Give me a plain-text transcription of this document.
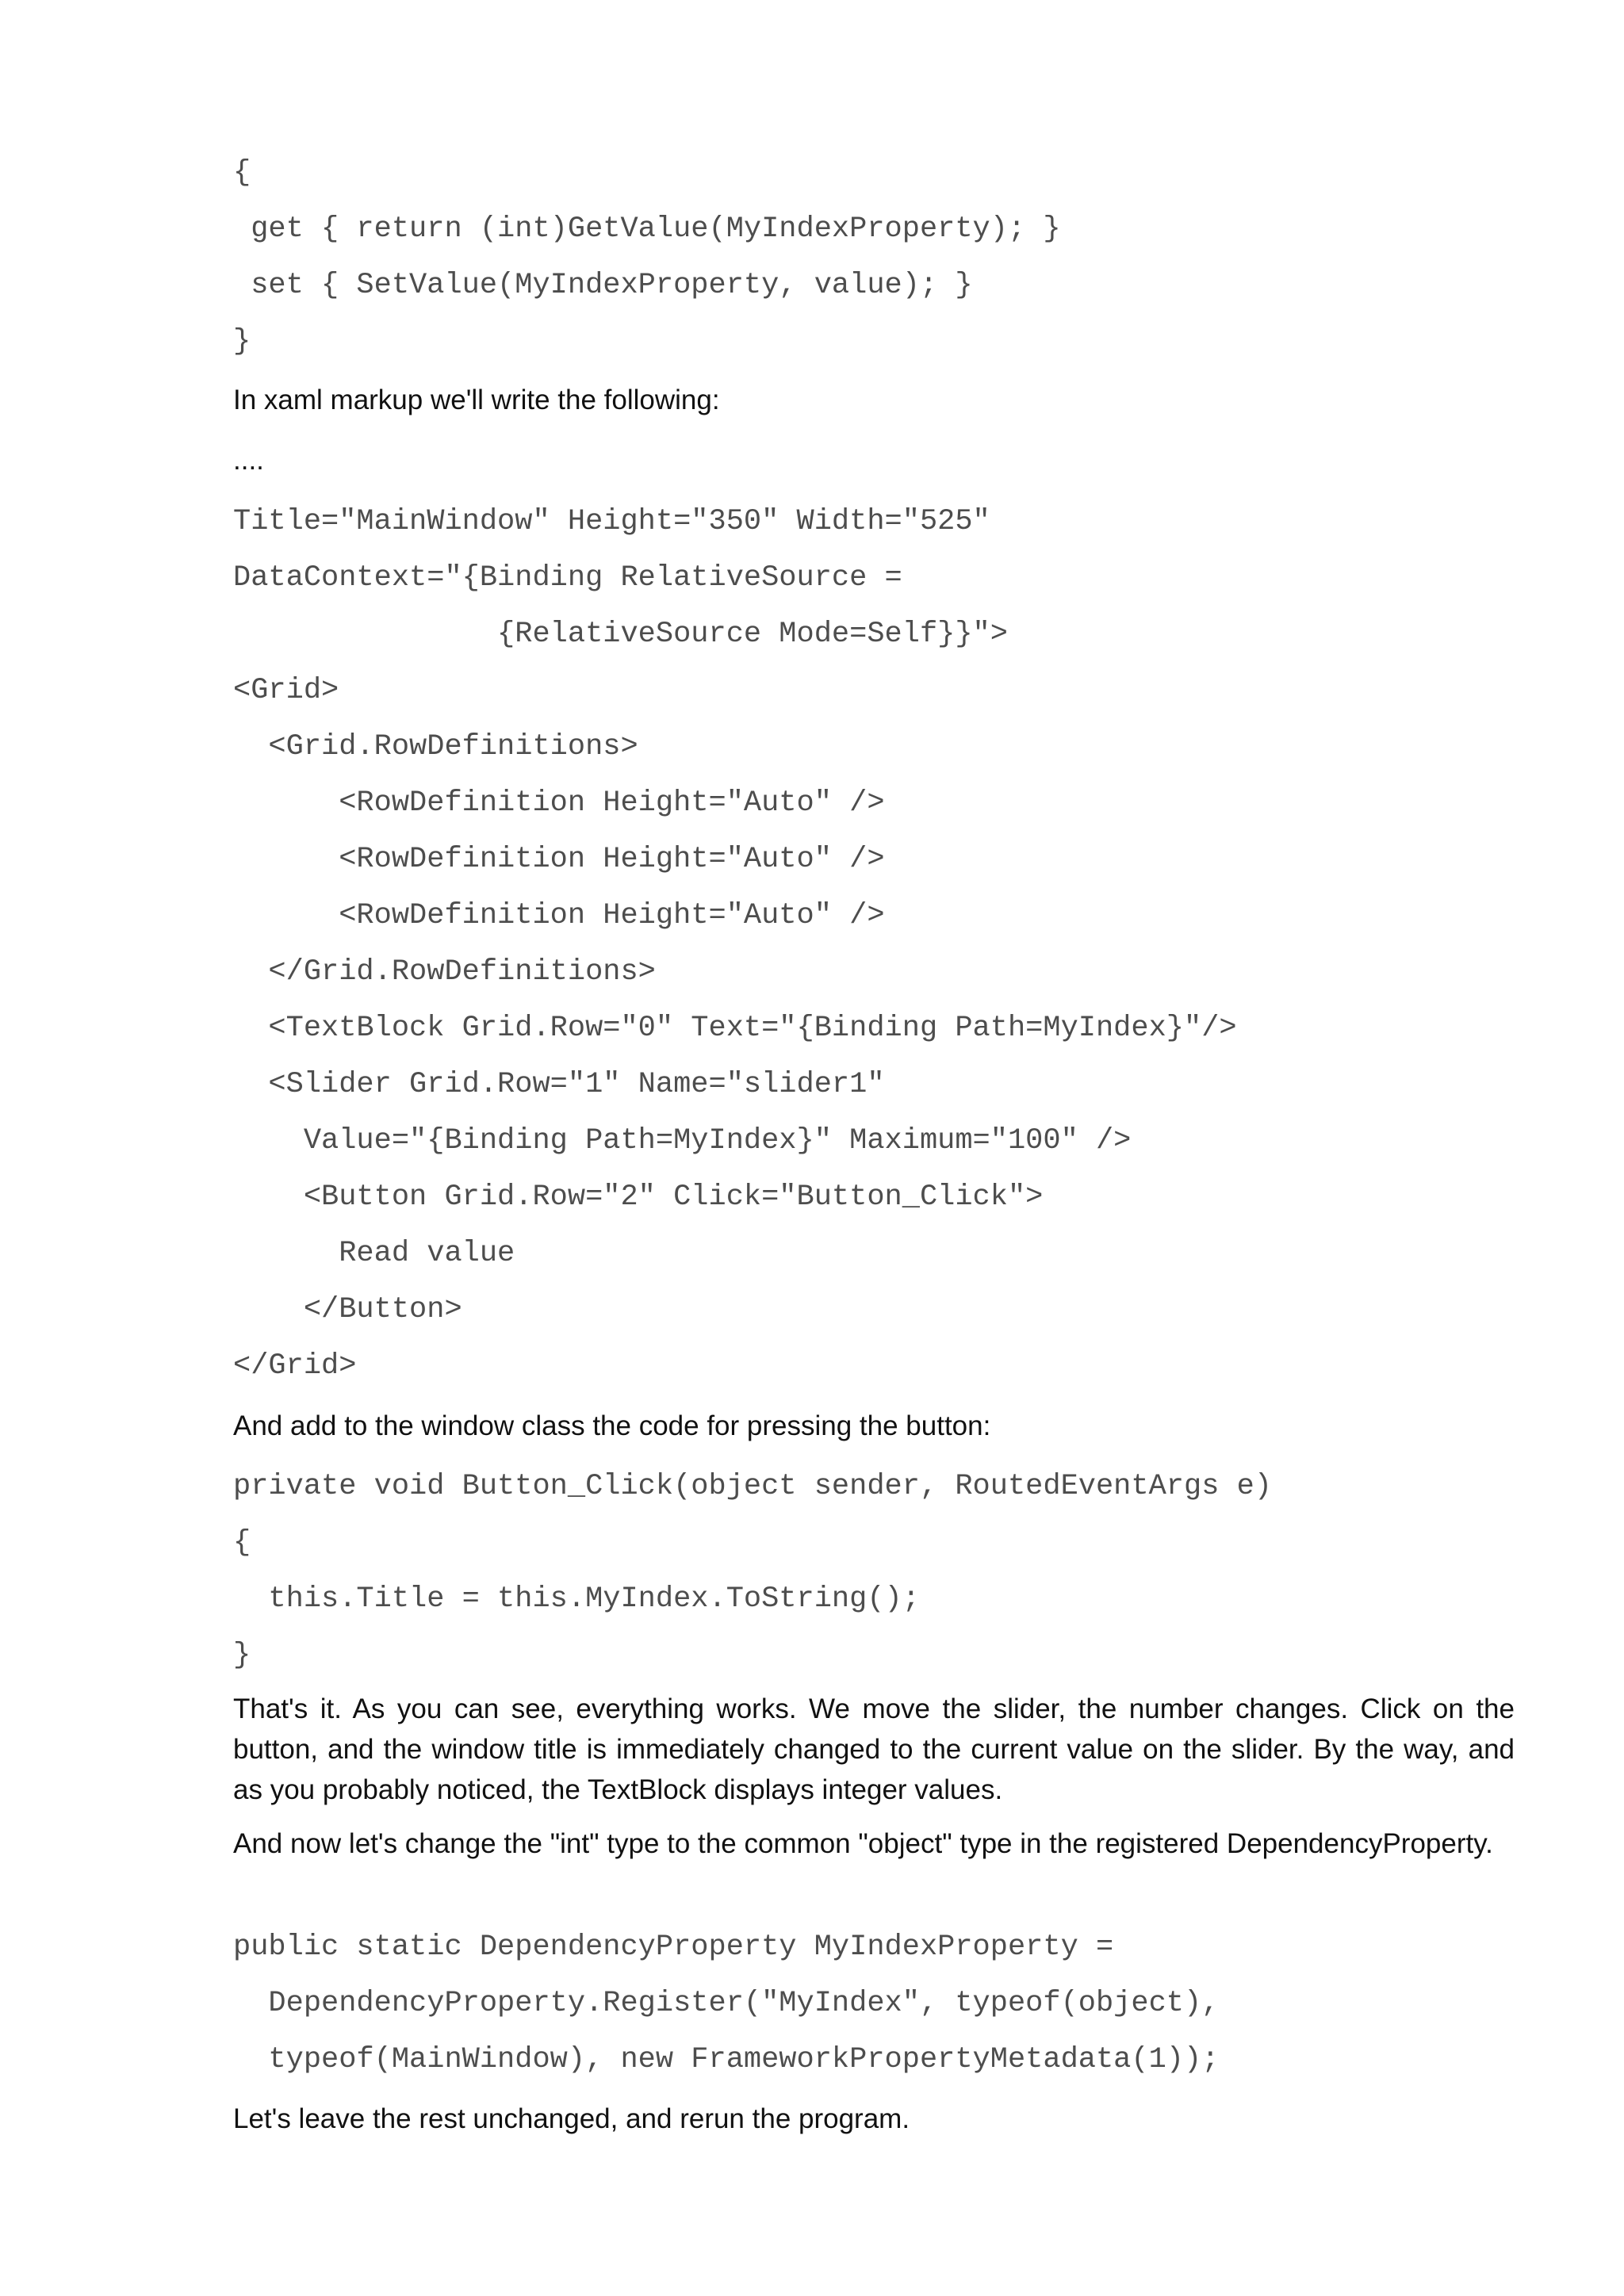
{
get { return (int)GetValue(MyIndexProperty); }
set { SetValue(MyIndexProperty, value); }
}
In xaml markup we'll write the following:
....
Title="MainWindow" Height="350" Width="525"
DataContext="{Binding RelativeSource =
{RelativeSource Mode=Self}}">
<Grid>
<Grid.RowDefinitions>
<RowDefinition Height="Auto" />
<RowDefinition Height="Auto" />
<RowDefinition Height="Auto" />
</Grid.RowDefinitions>
<TextBlock Grid.Row="0" Text="{Binding Path=MyIndex}"/>
<Slider Grid.Row="1" Name="slider1"
Value="{Binding Path=MyIndex}" Maximum="100" />
<Button Grid.Row="2" Click="Button_Click">
Read value
</Button>
</Grid>
And add to the window class the code for pressing the button:
private void Button_Click(object sender, RoutedEventArgs e)
{
this.Title = this.MyIndex.ToString();
}

That's it. As you can see, everything works. We move the slider, the number changes. Click on the button, and the window title is immediately changed to the current value on the slider. By the way, and as you probably noticed, the TextBlock displays integer values.

And now let's change the "int" type to the common "object" type in the registered DependencyProperty.

public static DependencyProperty MyIndexProperty =
DependencyProperty.Register("MyIndex", typeof(object),
typeof(MainWindow), new FrameworkPropertyMetadata(1));
Let's leave the rest unchanged, and rerun the program.
